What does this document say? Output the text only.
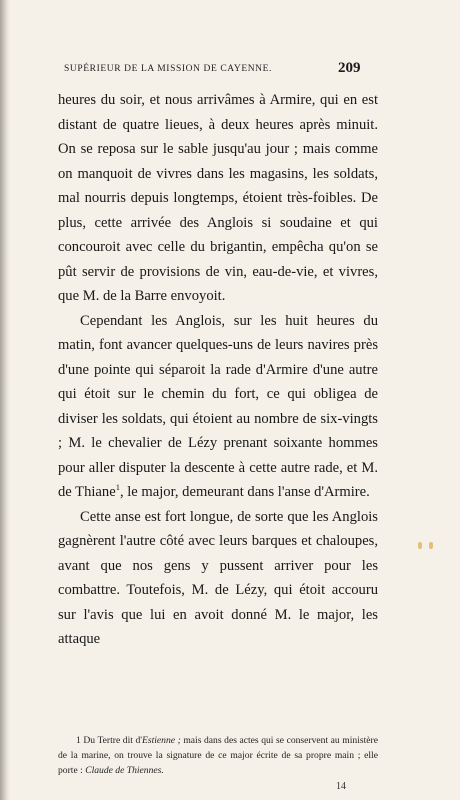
SUPÉRIEUR DE LA MISSION DE CAYENNE.	209

heures du soir, et nous arrivâmes à Armire, qui en est distant de quatre lieues, à deux heures après minuit. On se reposa sur le sable jusqu'au jour ; mais comme on manquoit de vivres dans les magasins, les soldats, mal nourris depuis longtemps, étoient très-foibles. De plus, cette arrivée des Anglois si soudaine et qui concouroit avec celle du brigantin, empêcha qu'on se pût servir de provisions de vin, eau-de-vie, et vivres, que M. de la Barre envoyoit.

Cependant les Anglois, sur les huit heures du matin, font avancer quelques-uns de leurs navires près d'une pointe qui séparoit la rade d'Armire d'une autre qui étoit sur le chemin du fort, ce qui obligea de diviser les soldats, qui étoient au nombre de six-vingts ; M. le chevalier de Lézy prenant soixante hommes pour aller disputer la descente à cette autre rade, et M. de Thiane$^1$, le major, demeurant dans l'anse d'Armire.

Cette anse est fort longue, de sorte que les Anglois gagnèrent l'autre côté avec leurs barques et chaloupes, avant que nos gens y pussent arriver pour les combattre. Toutefois, M. de Lézy, qui étoit accouru sur l'avis que lui en avoit donné M. le major, les attaque

1 Du Tertre dit d'Estienne ; mais dans des actes qui se conservent au ministère de la marine, on trouve la signature de ce major écrite de sa propre main ; elle porte : Claude de Thiennes.
14
